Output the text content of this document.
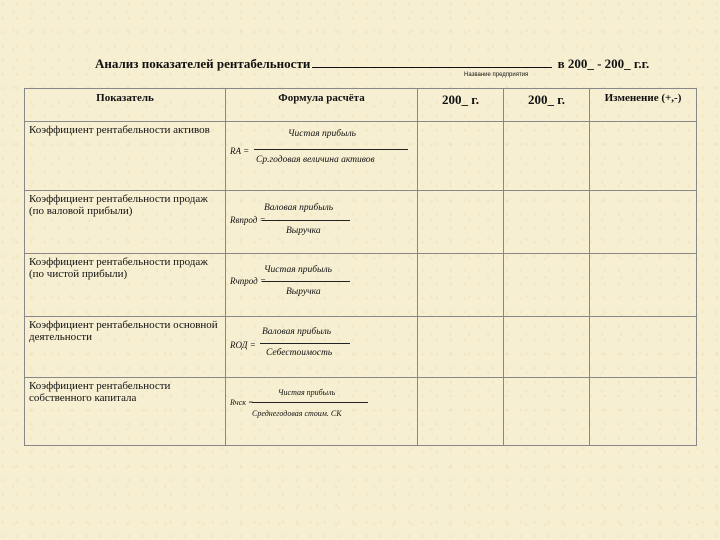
Анализ показателей рентабельности	в 200_ - 200_ г.г.
Название предприятия
Показатель	Формула расчёта	200_ г.	200_ г.	Изменение (+,-)
Коэффициент рентабельности активов	RA =
Чистая прибыль
Ср.годовая величина активов			

Коэффициент рентабельности продаж (по валовой прибыли)	Rвпрод =
Валовая прибыль
Выручка			

Коэффициент рентабельности продаж (по чистой прибыли)	Rчпрод =
Чистая прибыль
Выручка			

Коэффициент рентабельности основной деятельности	RОД =
Валовая прибыль
Себестоимость			

Коэффициент рентабельности собственного капитала	Rчск =
Чистая прибыль
Среднегодовая стоим. СК			
